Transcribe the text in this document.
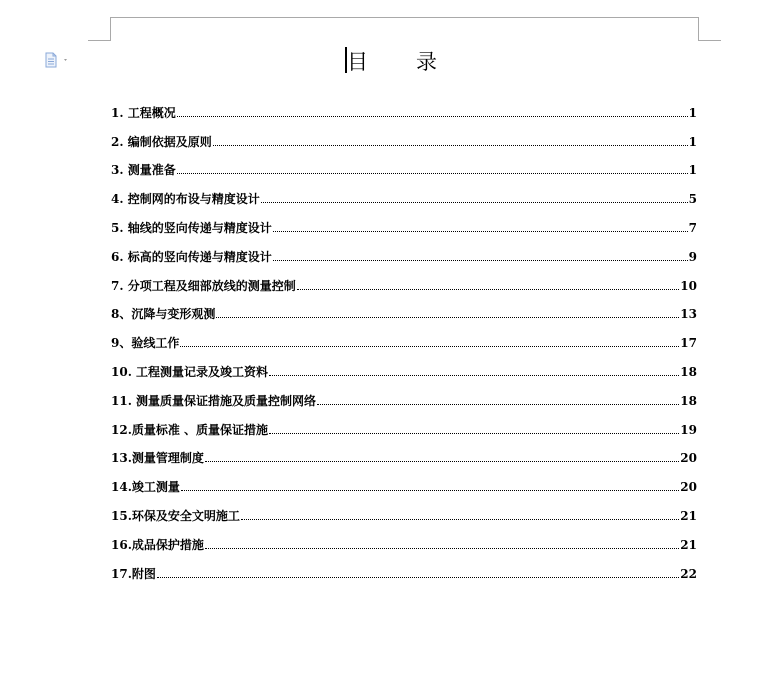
目 录
1. 工程概况	1
2. 编制依据及原则	1
3. 测量准备	1
4. 控制网的布设与精度设计	5
5. 轴线的竖向传递与精度设计	7
6. 标高的竖向传递与精度设计	9
7. 分项工程及细部放线的测量控制	10
8、沉降与变形观测	13
9、验线工作	17
10. 工程测量记录及竣工资料	18
11. 测量质量保证措施及质量控制网络	18
12.质量标准 、质量保证措施	19
13.测量管理制度	20
14.竣工测量	20
15.环保及安全文明施工	21
16.成品保护措施	21
17.附图	22
